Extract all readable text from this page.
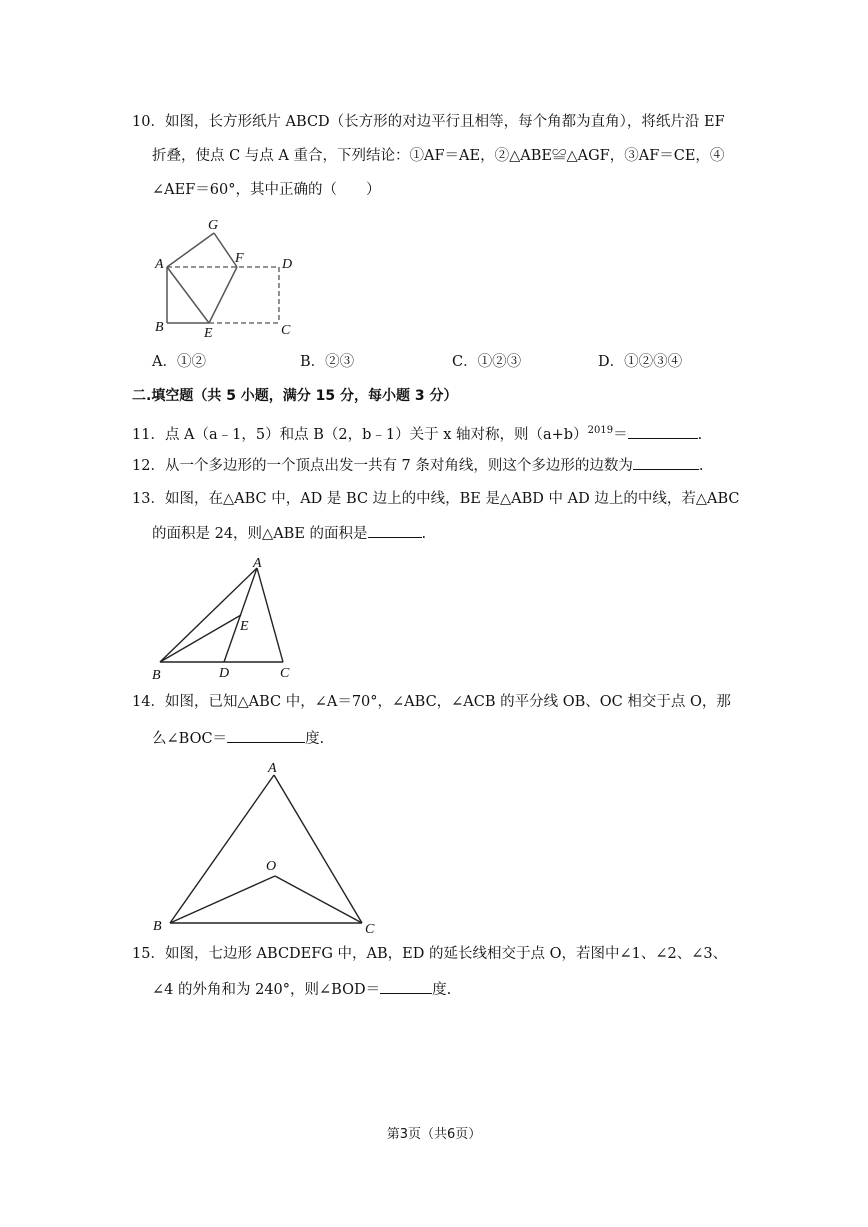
10．如图，长方形纸片 ABCD（长方形的对边平行且相等，每个角都为直角），将纸片沿 EF
折叠，使点 C 与点 A 重合，下列结论：①AF＝AE，②△ABE≌△AGF，③AF＝CE，④
∠AEF＝60°，其中正确的（　　）
A
B	C
D
E
F
G
A．①②	B．②③	C．①②③	D．①②③④
二.填空题（共 5 小题，满分 15 分，每小题 3 分）
11．点 A（a﹣1，5）和点 B（2，b﹣1）关于 x 轴对称，则$(a+b)^{2019}=$	.
12．从一个多边形的一个顶点出发一共有 7 条对角线，则这个多边形的边数为	.
13．如图，在△ABC 中，AD 是 BC 边上的中线，BE 是△ABD 中 AD 边上的中线，若△ABC
的面积是 24，则△ABE 的面积是	.
A
B	C
D
E
14．如图，已知△ABC 中，∠A＝70°，∠ABC，∠ACB 的平分线 OB、OC 相交于点 O，那
么∠BOC＝	度.
A
B	C
O
15．如图，七边形 ABCDEFG 中，AB，ED 的延长线相交于点 O，若图中∠1、∠2、∠3、
∠4 的外角和为 240°，则∠BOD＝	度.
第3页（共6页）
